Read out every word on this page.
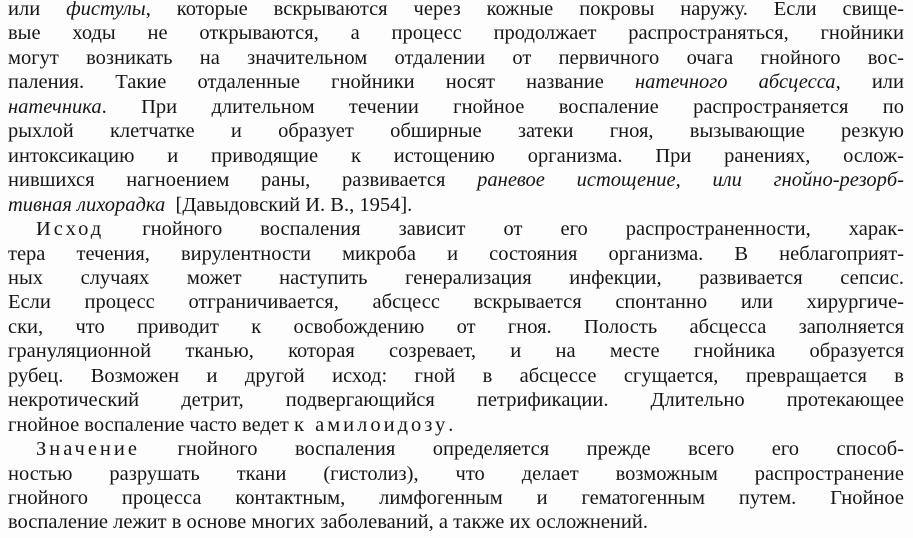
или фистулы, которые вскрываются через кожные покровы наружу. Если свище-
вые ходы не открываются, а процесс продолжает распространяться, гнойники
могут возникать на значительном отдалении от первичного очага гнойного вос-
паления. Такие отдаленные гнойники носят название натечного абсцесса, или
натечника. При длительном течении гнойное воспаление распространяется по
рыхлой клетчатке и образует обширные затеки гноя, вызывающие резкую
интоксикацию и приводящие к истощению организма. При ранениях, ослож-
нившихся нагноением раны, развивается раневое истощение, или гнойно-резорб-
тивная лихорадка  [Давыдовский И. В., 1954].
Исход гнойного воспаления зависит от его распространенности, харак-
тера течения, вирулентности микроба и состояния организма. В неблагоприят-
ных случаях может наступить генерализация инфекции, развивается сепсис.
Если процесс отграничивается, абсцесс вскрывается спонтанно или хирургиче-
ски, что приводит к освобождению от гноя. Полость абсцесса заполняется
грануляционной тканью, которая созревает, и на месте гнойника образуется
рубец. Возможен и другой исход: гной в абсцессе сгущается, превращается в
некротический детрит, подвергающийся петрификации. Длительно протекающее
гнойное воспаление часто ведет к амилоидозу.
Значение гнойного воспаления определяется прежде всего его способ-
ностью разрушать ткани (гистолиз), что делает возможным распространение
гнойного процесса контактным, лимфогенным и гематогенным путем. Гнойное
воспаление лежит в основе многих заболеваний, а также их осложнений.
